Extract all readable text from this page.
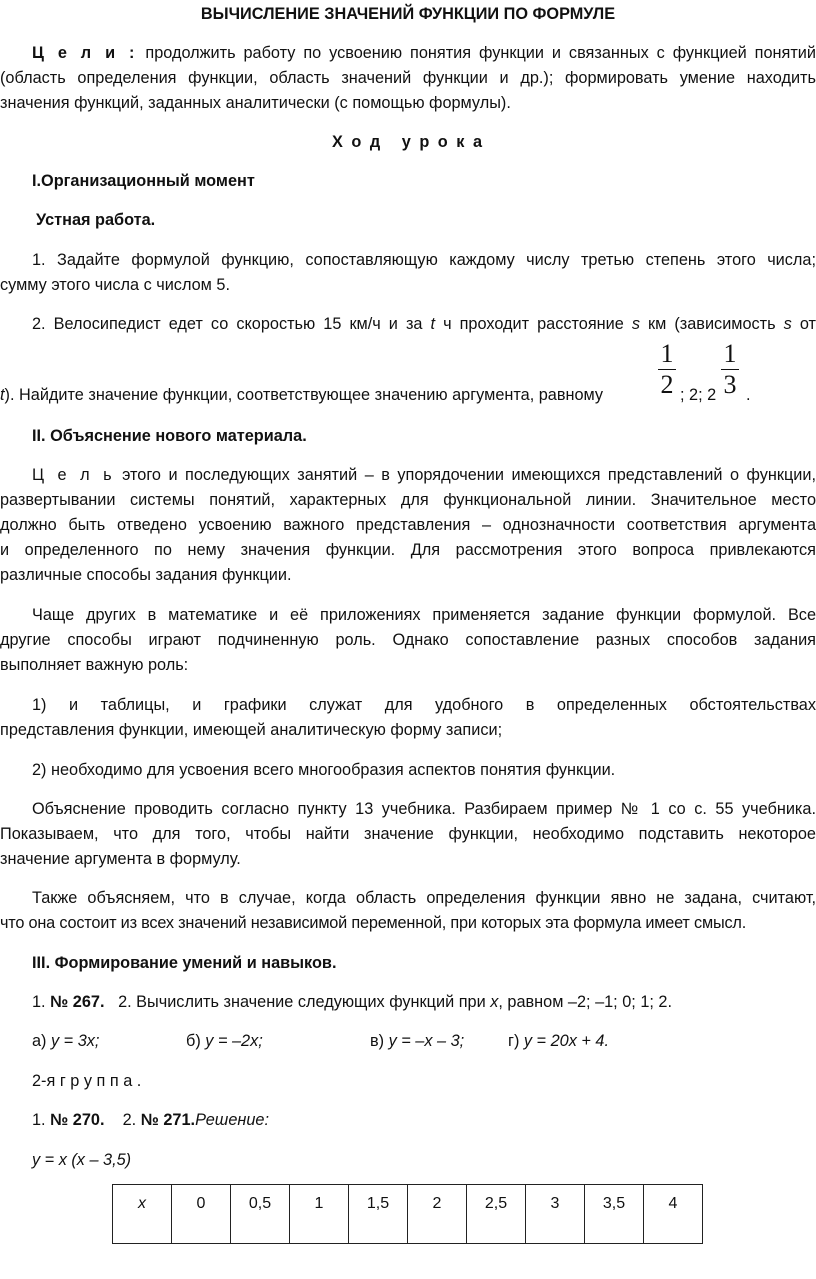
ВЫЧИСЛЕНИЕ ЗНАЧЕНИЙ ФУНКЦИИ ПО ФОРМУЛЕ
Ц е л и : продолжить работу по усвоению понятия функции и связанных с функцией понятий
(область определения функции, область значений функции и др.); формировать умение находить
значения функций, заданных аналитически (с помощью формулы).
Х о д   у р о к а
I.Организационный момент
Устная работа.
1. Задайте формулой функцию, сопоставляющую каждому числу третью степень этого числа;
сумму этого числа с числом 5.
2. Велосипедист едет со скоростью 15 км/ч и за t ч проходит расстояние s км (зависимость s от
t). Найдите значение функции, соответствующее значению аргумента, равному
1
2 ; 2; 2
1
3 .
II. Объяснение нового материала.
Ц е л ь этого и последующих занятий – в упорядочении имеющихся представлений о функции,
развертывании системы понятий, характерных для функциональной линии. Значительное место
должно быть отведено усвоению важного представления – однозначности соответствия аргумента
и определенного по нему значения функции. Для рассмотрения этого вопроса привлекаются
различные способы задания функции.
Чаще других в математике и её приложениях применяется задание функции формулой. Все
другие способы играют подчиненную роль. Однако сопоставление разных способов задания
выполняет важную роль:
1) и таблицы, и графики служат для удобного в определенных обстоятельствах
представления функции, имеющей аналитическую форму записи;
2) необходимо для усвоения всего многообразия аспектов понятия функции.
Объяснение проводить согласно пункту 13 учебника. Разбираем пример № 1 со с. 55 учебника.
Показываем, что для того, чтобы найти значение функции, необходимо подставить некоторое
значение аргумента в формулу.
Также объясняем, что в случае, когда область определения функции явно не задана, считают,
что она состоит из всех значений независимой переменной, при которых эта формула имеет смысл.
III. Формирование умений и навыков.
1. № 267. 2. Вычислить значение следующих функций при x, равном –2; –1; 0; 1; 2.
а) y = 3x;	б) y = –2x;	в) y = –x – 3;	г) y = 20x + 4.
2-я г р у п п а .
1. № 270. 2. № 271.Решение:
y = x (x – 3,5)
x	0	0,5	1	1,5	2	2,5	3	3,5	4
